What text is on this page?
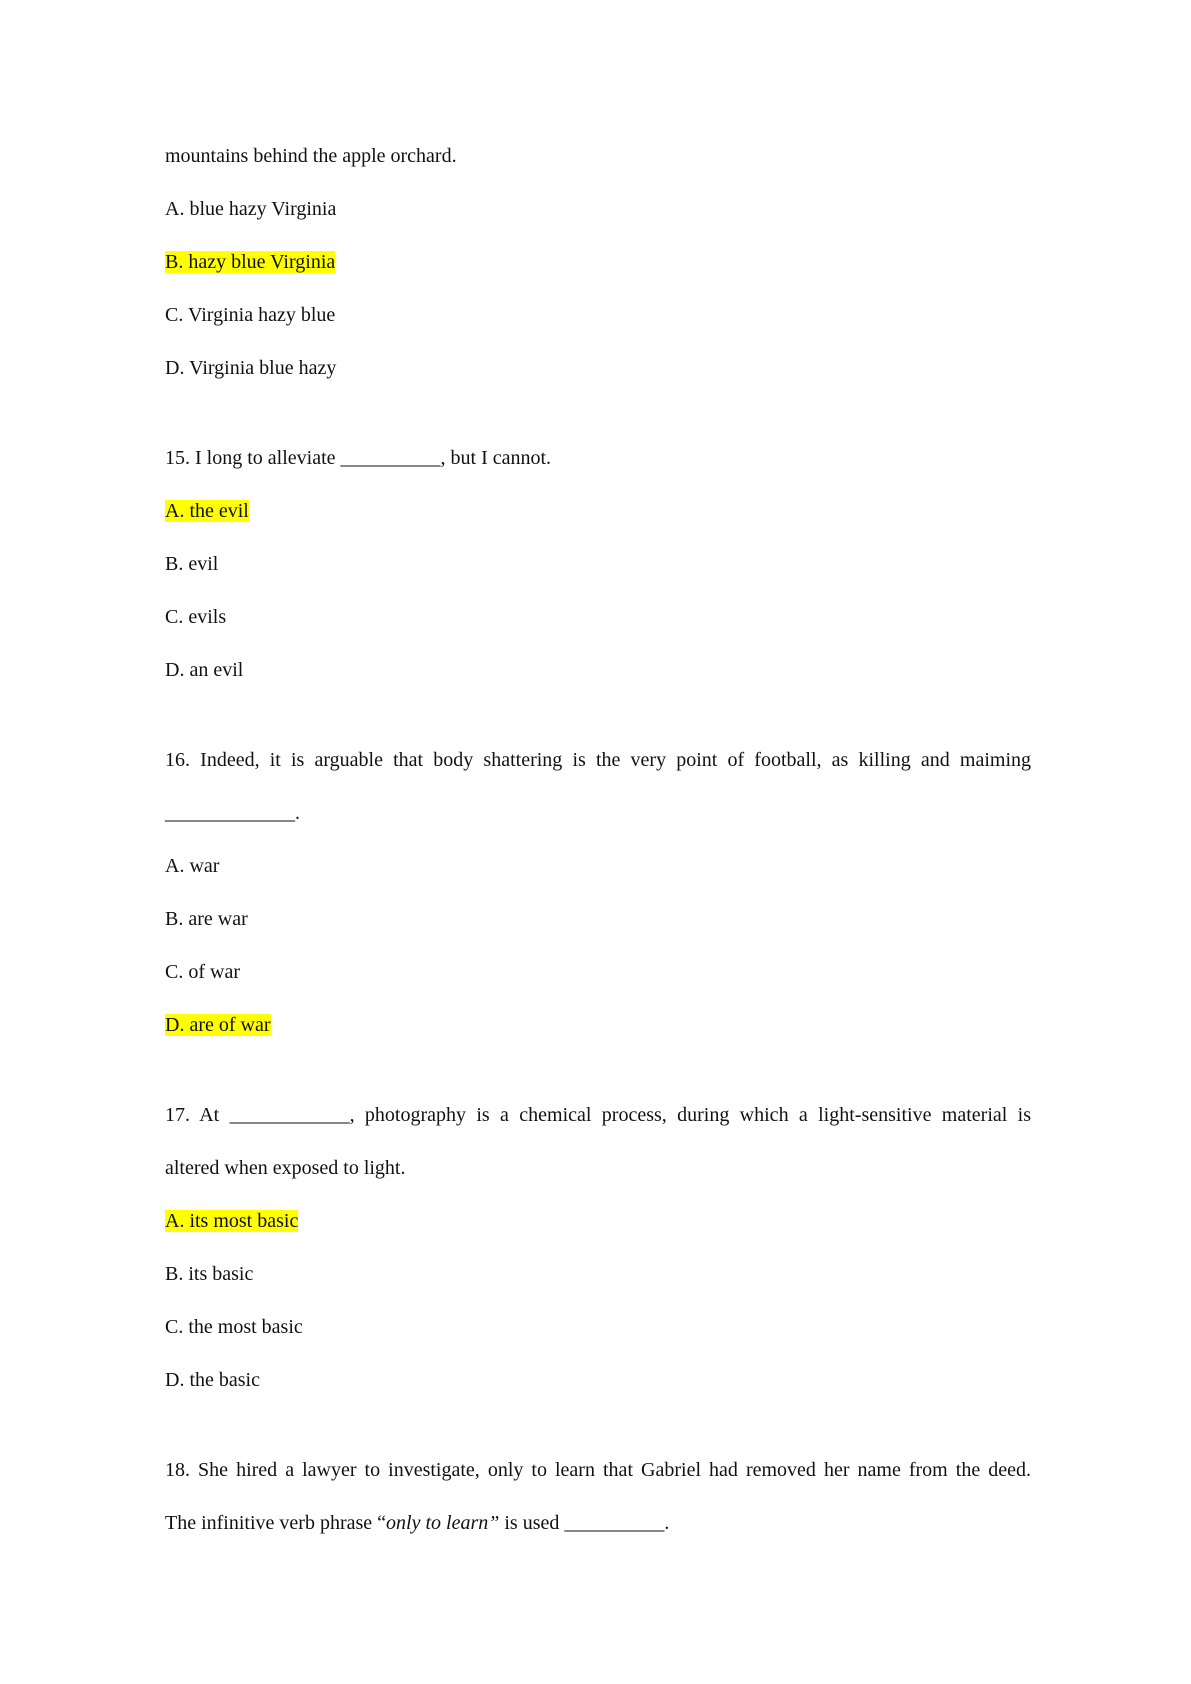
mountains behind the apple orchard.
A. blue hazy Virginia
B. hazy blue Virginia
C. Virginia hazy blue
D. Virginia blue hazy
15. I long to alleviate __________, but I cannot.
A. the evil
B. evil
C. evils
D. an evil
16. Indeed, it is arguable that body shattering is the very point of football, as killing and maiming
_____________.
A. war
B. are war
C. of war
D. are of war
17. At ____________, photography is a chemical process, during which a light-sensitive material is
altered when exposed to light.
A. its most basic
B. its basic
C. the most basic
D. the basic
18. She hired a lawyer to investigate, only to learn that Gabriel had removed her name from the deed.
The infinitive verb phrase “only to learn” is used __________.
